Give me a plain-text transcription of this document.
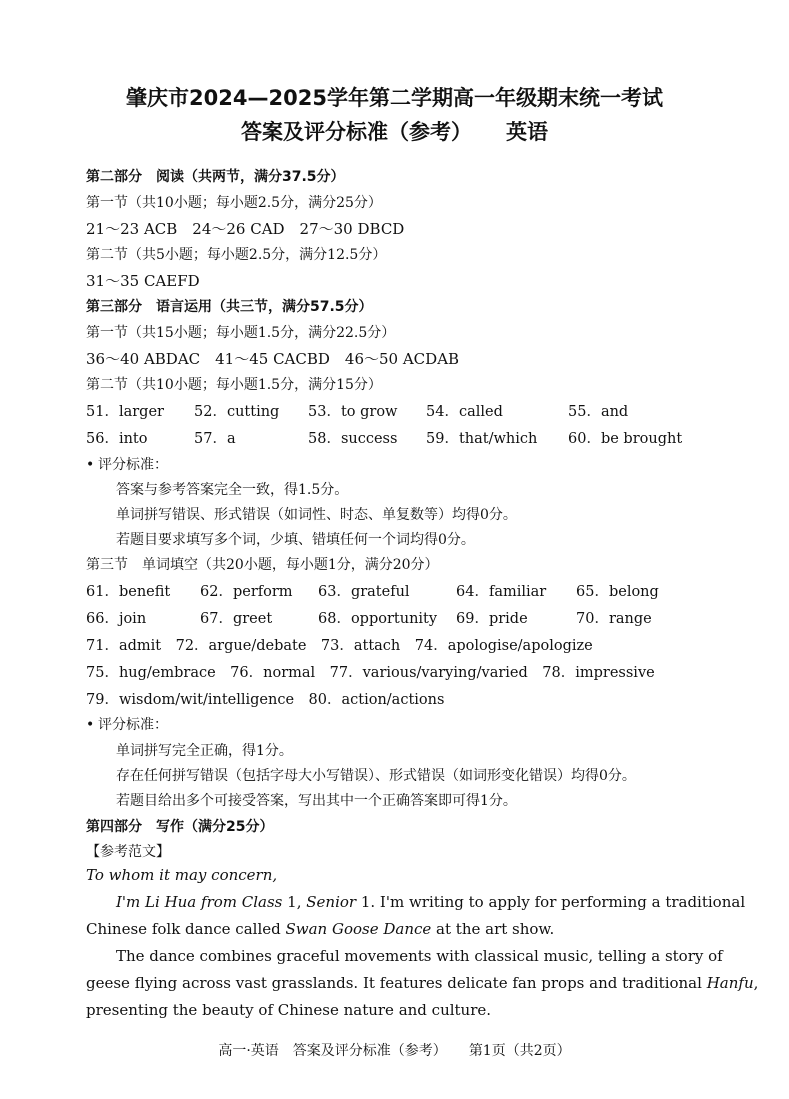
肇庆市2024—2025学年第二学期高一年级期末统一考试
答案及评分标准（参考） 英语
第二部分　阅读（共两节，满分37.5分）
第一节（共10小题；每小题2.5分，满分25分）
21～23 ACB　24～26 CAD　27～30 DBCD
第二节（共5小题；每小题2.5分，满分12.5分）
31～35 CAEFD
第三部分　语言运用（共三节，满分57.5分）
第一节（共15小题；每小题1.5分，满分22.5分）
36～40 ABDAC　41～45 CACBD　46～50 ACDAB
第二节（共10小题；每小题1.5分，满分15分）
51．larger 52．cutting 53．to grow 54．called	55．and
56．into	57．a	58．success 59．that/which 60．be brought
• 评分标准：
答案与参考答案完全一致，得1.5分。
单词拼写错误、形式错误（如词性、时态、单复数等）均得0分。
若题目要求填写多个词，少填、错填任何一个词均得0分。
第三节　单词填空（共20小题，每小题1分，满分20分）
61．benefit 62．perform 63．grateful	64．familiar 65．belong
66．join	67．greet	68．opportunity 69．pride	70．range
71．admit　72．argue/debate　73．attach　74．apologise/apologize
75．hug/embrace　76．normal　77．various/varying/varied　78．impressive
79．wisdom/wit/intelligence　80．action/actions
• 评分标准：
单词拼写完全正确，得1分。
存在任何拼写错误（包括字母大小写错误）、形式错误（如词形变化错误）均得0分。
若题目给出多个可接受答案，写出其中一个正确答案即可得1分。
第四部分　写作（满分25分）
【参考范文】
To whom it may concern,
I'm Li Hua from Class 1, Senior 1. I'm writing to apply for performing a traditional
Chinese folk dance called Swan Goose Dance at the art show.
The dance combines graceful movements with classical music, telling a story of
geese flying across vast grasslands. It features delicate fan props and traditional Hanfu,
presenting the beauty of Chinese nature and culture.
高一·英语　答案及评分标准（参考） 第1页（共2页）
